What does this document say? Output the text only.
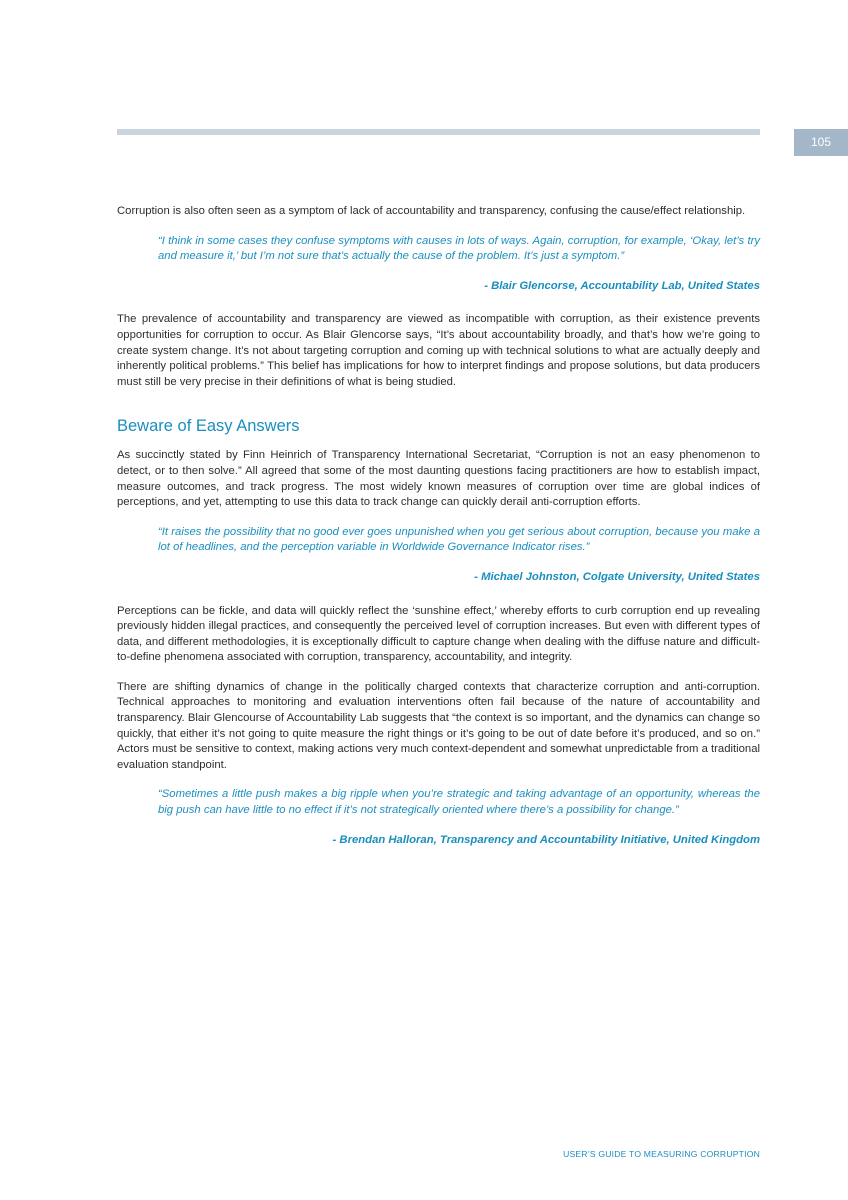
105

Corruption is also often seen as a symptom of lack of accountability and transparency, confusing the cause/effect relationship.

“I think in some cases they confuse symptoms with causes in lots of ways. Again, corruption, for example, ‘Okay, let’s try and measure it,’ but I’m not sure that’s actually the cause of the problem. It’s just a symptom.”

- Blair Glencorse, Accountability Lab, United States

The prevalence of accountability and transparency are viewed as incompatible with corruption, as their existence prevents opportunities for corruption to occur. As Blair Glencorse says, “It’s about accountability broadly, and that’s how we’re going to create system change. It’s not about targeting corruption and coming up with technical solutions to what are actually deeply and inherently political problems.” This belief has implications for how to interpret findings and propose solutions, but data producers must still be very precise in their definitions of what is being studied.

Beware of Easy Answers

As succinctly stated by Finn Heinrich of Transparency International Secretariat, “Corruption is not an easy phenomenon to detect, or to then solve.” All agreed that some of the most daunting questions facing practitioners are how to establish impact, measure outcomes, and track progress. The most widely known measures of corruption over time are global indices of perceptions, and yet, attempting to use this data to track change can quickly derail anti-corruption efforts.

“It raises the possibility that no good ever goes unpunished when you get serious about corruption, because you make a lot of headlines, and the perception variable in Worldwide Governance Indicator rises.”

- Michael Johnston, Colgate University, United States

Perceptions can be fickle, and data will quickly reflect the ‘sunshine effect,’ whereby efforts to curb corruption end up revealing previously hidden illegal practices, and consequently the perceived level of corruption increases. But even with different types of data, and different methodologies, it is exceptionally difficult to capture change when dealing with the diffuse nature and difficult-to-define phenomena associated with corruption, transparency, accountability, and integrity.

There are shifting dynamics of change in the politically charged contexts that characterize corruption and anti-corruption. Technical approaches to monitoring and evaluation interventions often fail because of the nature of accountability and transparency. Blair Glencourse of Accountability Lab suggests that “the context is so important, and the dynamics can change so quickly, that either it’s not going to quite measure the right things or it’s going to be out of date before it’s produced, and so on.” Actors must be sensitive to context, making actions very much context-dependent and somewhat unpredictable from a traditional evaluation standpoint.

“Sometimes a little push makes a big ripple when you’re strategic and taking advantage of an opportunity, whereas the big push can have little to no effect if it’s not strategically oriented where there’s a possibility for change.”

- Brendan Halloran, Transparency and Accountability Initiative, United Kingdom

USER’S GUIDE TO MEASURING CORRUPTION
